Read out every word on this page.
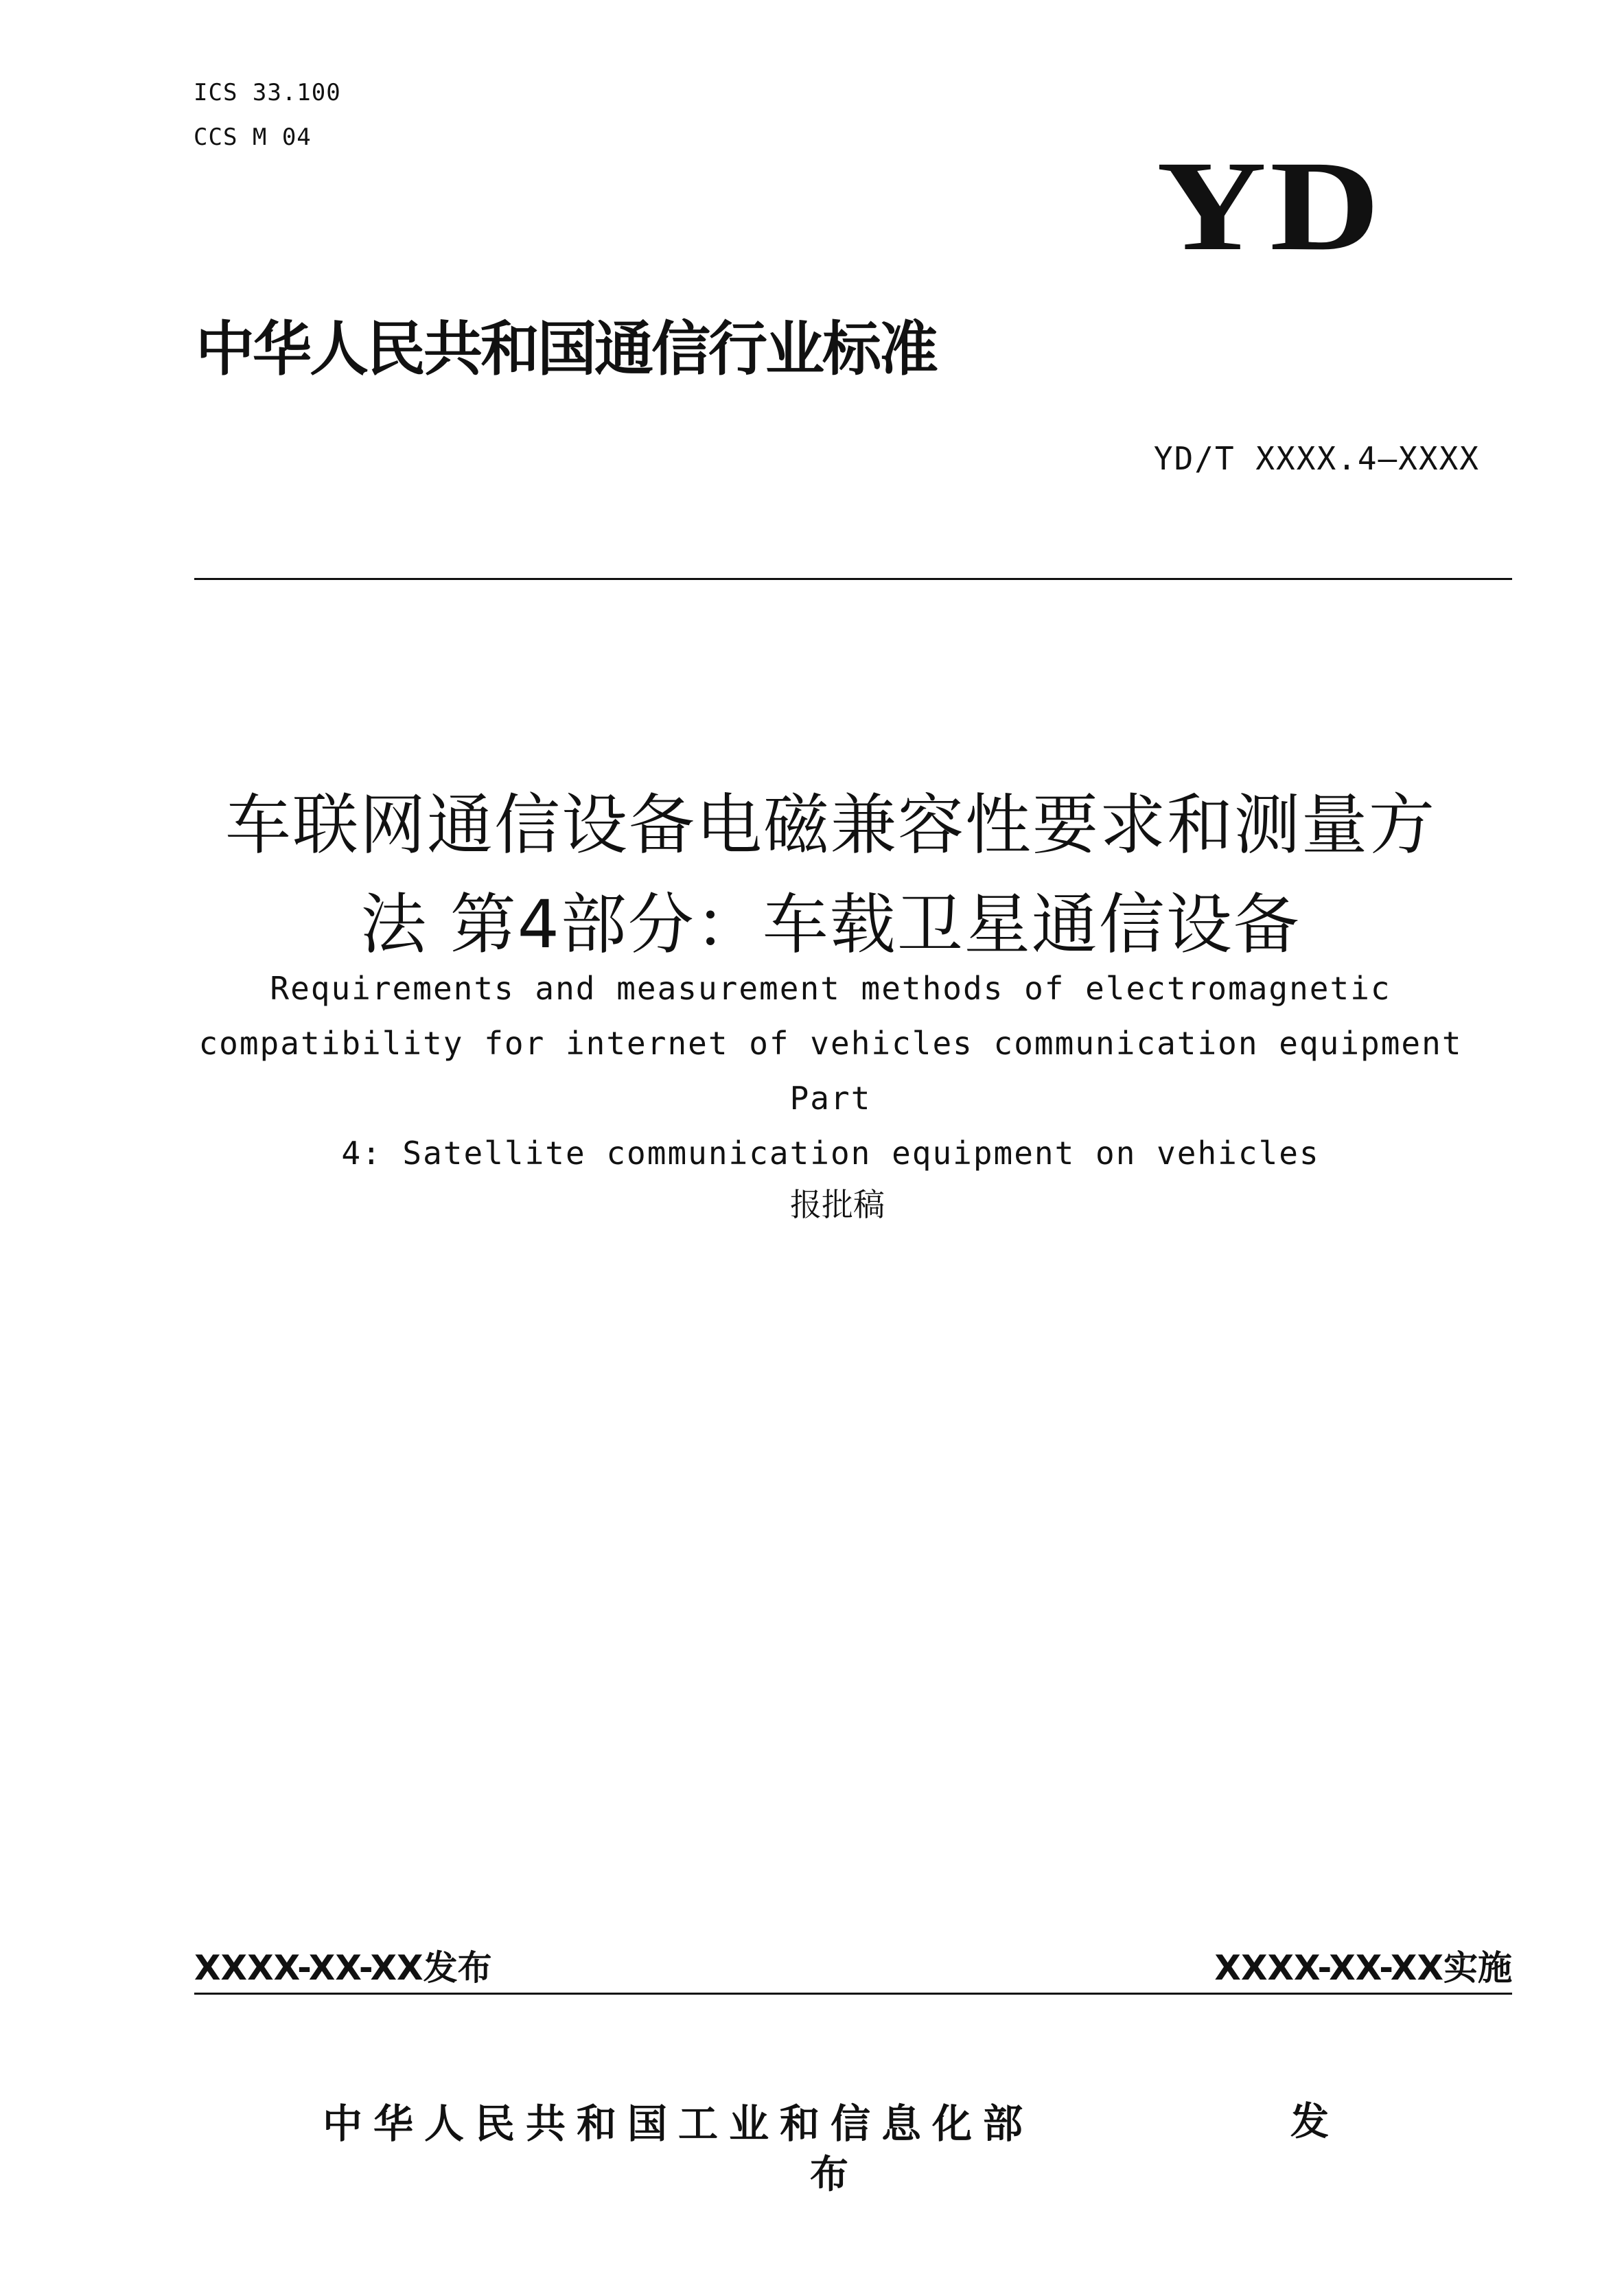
ICS 33.100
CCS M 04	YD
中华人民共和国通信行业标准
YD/T XXXX.4—XXXX
车联网通信设备电磁兼容性要求和测量方
法 第4部分：车载卫星通信设备
Requirements and measurement methods of electromagnetic
compatibility for internet of vehicles communication equipment Part
4: Satellite communication equipment on vehicles
报批稿
XXXX-XX-XX发布	XXXX-XX-XX实施
中华人民共和国工业和信息化部	发
布
